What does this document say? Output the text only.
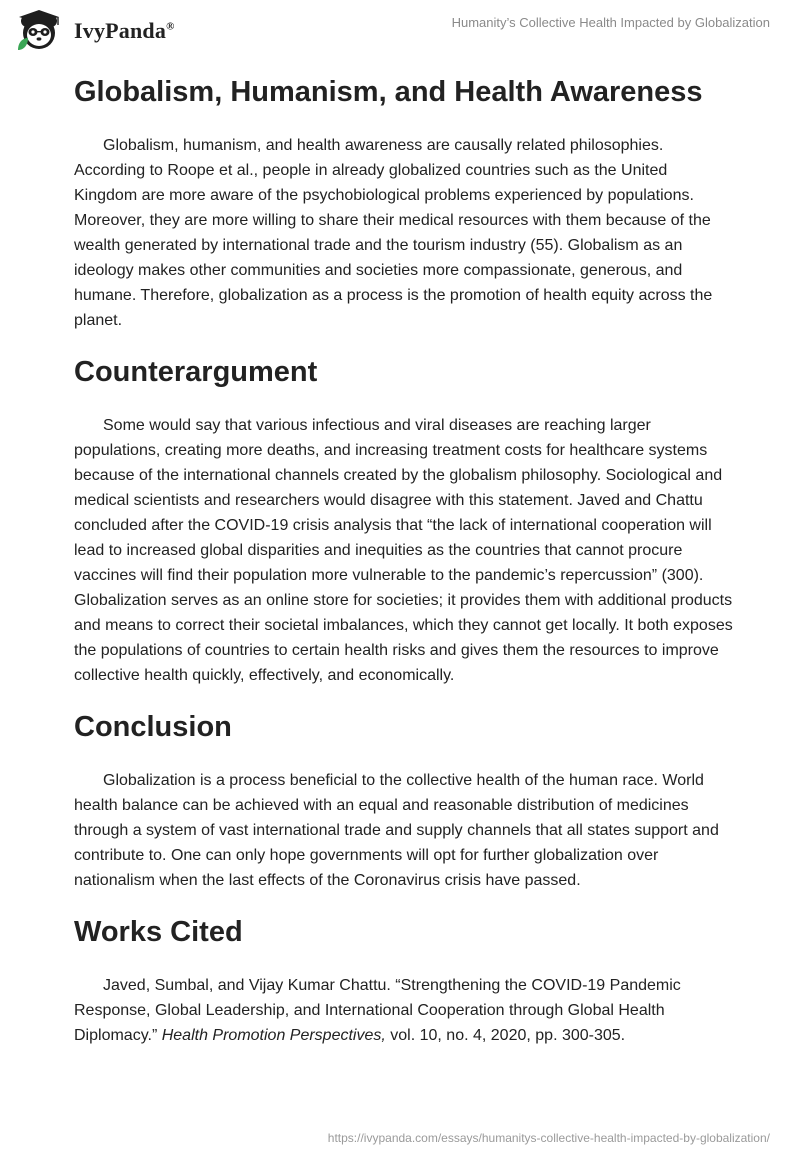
IvyPanda®	Humanity’s Collective Health Impacted by Globalization
Globalism, Humanism, and Health Awareness

Globalism, humanism, and health awareness are causally related philosophies. According to Roope et al., people in already globalized countries such as the United Kingdom are more aware of the psychobiological problems experienced by populations. Moreover, they are more willing to share their medical resources with them because of the wealth generated by international trade and the tourism industry (55). Globalism as an ideology makes other communities and societies more compassionate, generous, and humane. Therefore, globalization as a process is the promotion of health equity across the planet.

Counterargument

Some would say that various infectious and viral diseases are reaching larger populations, creating more deaths, and increasing treatment costs for healthcare systems because of the international channels created by the globalism philosophy. Sociological and medical scientists and researchers would disagree with this statement. Javed and Chattu concluded after the COVID-19 crisis analysis that “the lack of international cooperation will lead to increased global disparities and inequities as the countries that cannot procure vaccines will find their population more vulnerable to the pandemic’s repercussion” (300). Globalization serves as an online store for societies; it provides them with additional products and means to correct their societal imbalances, which they cannot get locally. It both exposes the populations of countries to certain health risks and gives them the resources to improve collective health quickly, effectively, and economically.

Conclusion

Globalization is a process beneficial to the collective health of the human race. World health balance can be achieved with an equal and reasonable distribution of medicines through a system of vast international trade and supply channels that all states support and contribute to. One can only hope governments will opt for further globalization over nationalism when the last effects of the Coronavirus crisis have passed.

Works Cited

Javed, Sumbal, and Vijay Kumar Chattu. “Strengthening the COVID-19 Pandemic Response, Global Leadership, and International Cooperation through Global Health Diplomacy.” Health Promotion Perspectives, vol. 10, no. 4, 2020, pp. 300-305.

https://ivypanda.com/essays/humanitys-collective-health-impacted-by-globalization/
